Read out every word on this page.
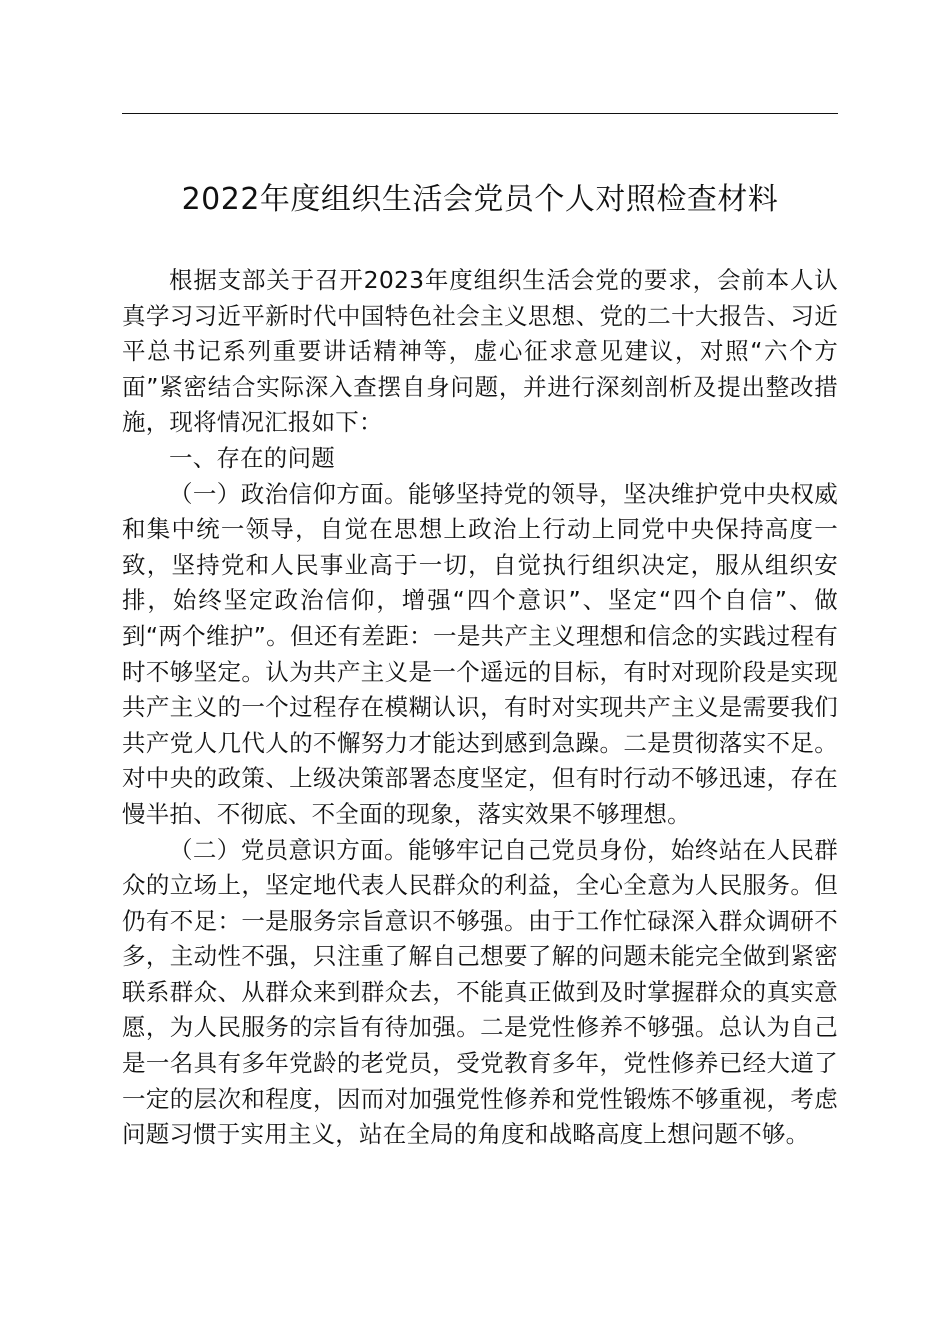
2022年度组织生活会党员个人对照检查材料

根据支部关于召开2023年度组织生活会党的要求，会前本人认真学习习近平新时代中国特色社会主义思想、党的二十大报告、习近平总书记系列重要讲话精神等，虚心征求意见建议，对照“六个方面”紧密结合实际深入查摆自身问题，并进行深刻剖析及提出整改措施，现将情况汇报如下：

一、存在的问题

（一）政治信仰方面。能够坚持党的领导，坚决维护党中央权威和集中统一领导，自觉在思想上政治上行动上同党中央保持高度一致，坚持党和人民事业高于一切，自觉执行组织决定，服从组织安排，始终坚定政治信仰，增强“四个意识”、坚定“四个自信”、做到“两个维护”。但还有差距：一是共产主义理想和信念的实践过程有时不够坚定。认为共产主义是一个遥远的目标，有时对现阶段是实现共产主义的一个过程存在模糊认识，有时对实现共产主义是需要我们共产党人几代人的不懈努力才能达到感到急躁。二是贯彻落实不足。对中央的政策、上级决策部署态度坚定，但有时行动不够迅速，存在慢半拍、不彻底、不全面的现象，落实效果不够理想。

（二）党员意识方面。能够牢记自己党员身份，始终站在人民群众的立场上，坚定地代表人民群众的利益，全心全意为人民服务。但仍有不足：一是服务宗旨意识不够强。由于工作忙碌深入群众调研不多，主动性不强，只注重了解自己想要了解的问题未能完全做到紧密联系群众、从群众来到群众去，不能真正做到及时掌握群众的真实意愿，为人民服务的宗旨有待加强。二是党性修养不够强。总认为自己是一名具有多年党龄的老党员，受党教育多年，党性修养已经大道了一定的层次和程度，因而对加强党性修养和党性锻炼不够重视，考虑问题习惯于实用主义，站在全局的角度和战略高度上想问题不够。
